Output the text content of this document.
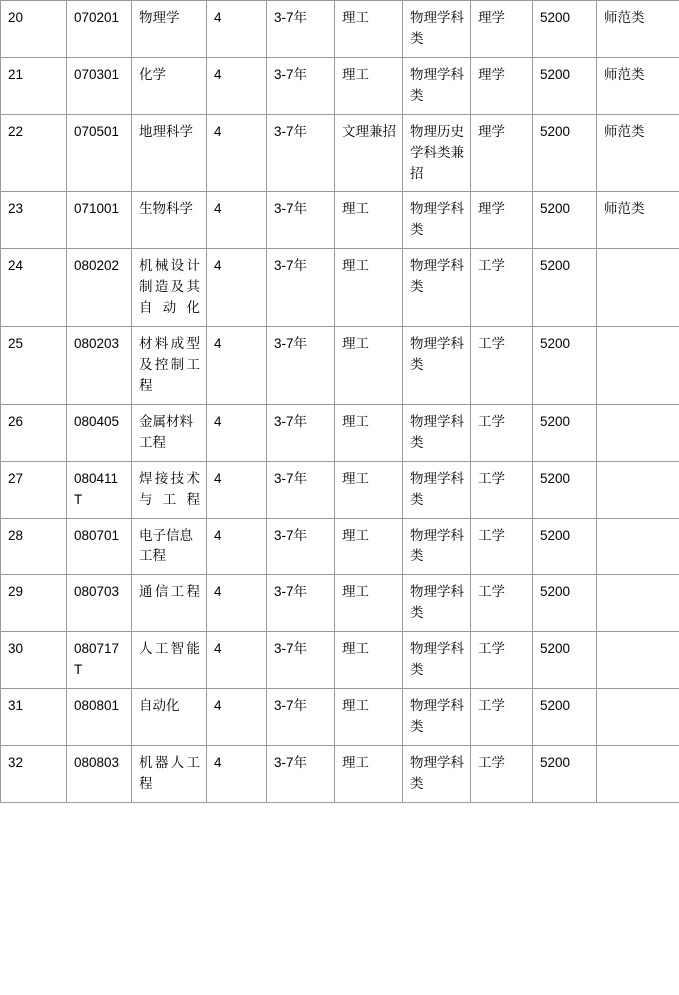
20	070201	物理学	4	3-7年	理工	物理学科类	理学	5200	师范类
21	070301	化学	4	3-7年	理工	物理学科类	理学	5200	师范类
22	070501	地理科学	4	3-7年	文理兼招	物理历史学科类兼招	理学	5200	师范类
23	071001	生物科学	4	3-7年	理工	物理学科类	理学	5200	师范类
24	080202	机械设计制造及其自动化	4	3-7年	理工	物理学科类	工学	5200	
25	080203	材料成型及控制工程	4	3-7年	理工	物理学科类	工学	5200	
26	080405	金属材料工程	4	3-7年	理工	物理学科类	工学	5200	
27	080411T	焊接技术与工程	4	3-7年	理工	物理学科类	工学	5200	
28	080701	电子信息工程	4	3-7年	理工	物理学科类	工学	5200	
29	080703	通信工程	4	3-7年	理工	物理学科类	工学	5200	
30	080717T	人工智能	4	3-7年	理工	物理学科类	工学	5200	
31	080801	自动化	4	3-7年	理工	物理学科类	工学	5200	
32	080803	机器人工程	4	3-7年	理工	物理学科类	工学	5200	
